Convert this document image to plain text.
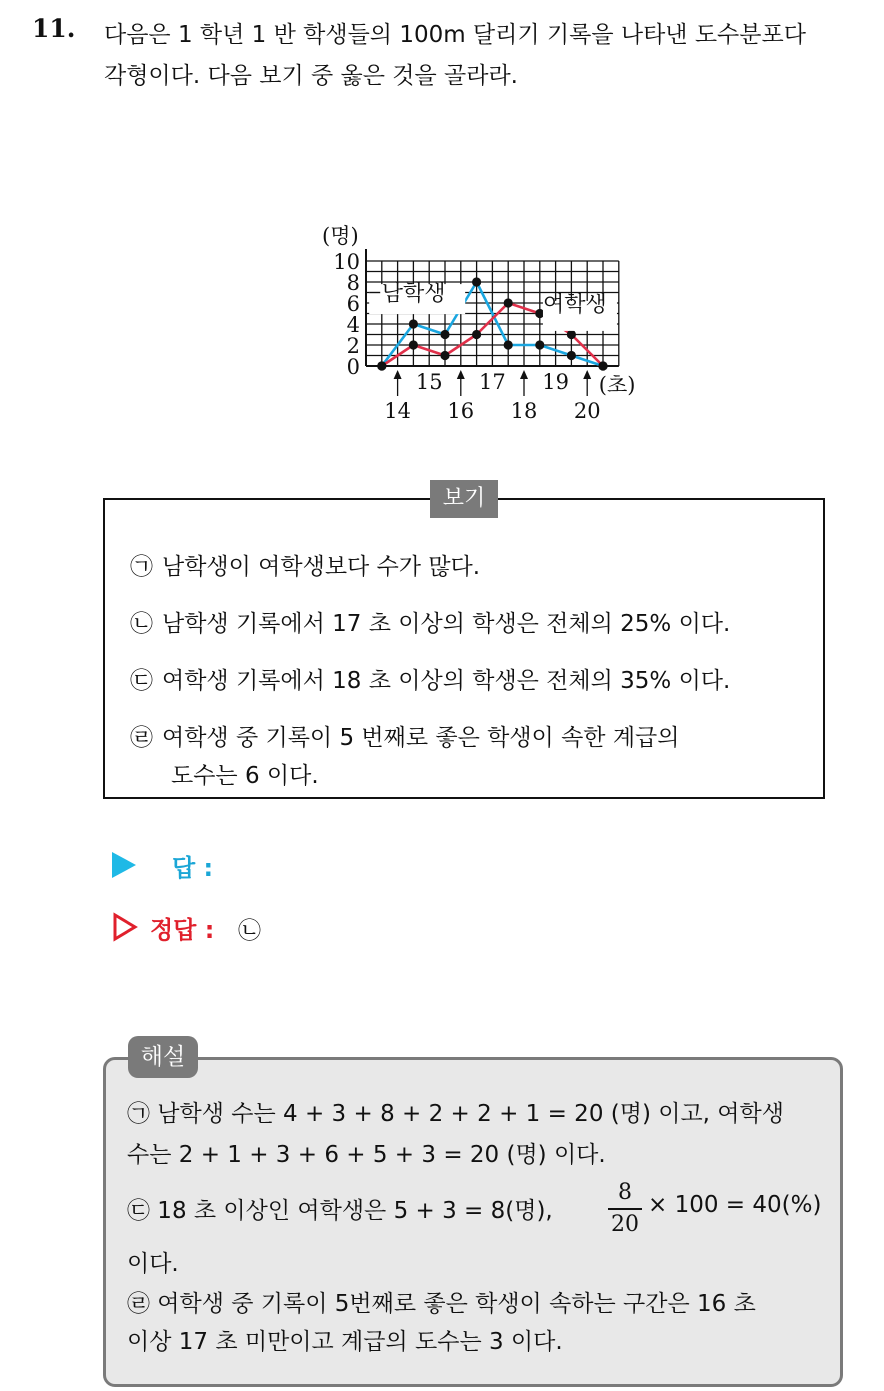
11. 다음은 1 학년 1 반 학생들의 100m 달리기 기록을 나타낸 도수분포다
각형이다. 다음 보기 중 옳은 것을 골라라.
0
2
4
6
8
10
14 16 18 20
15 17 19
(명)
(초)
남학생	여학생
보기
㉠ 남학생이 여학생보다 수가 많다.
㉡ 남학생 기록에서 17 초 이상의 학생은 전체의 25% 이다.
㉢ 여학생 기록에서 18 초 이상의 학생은 전체의 35% 이다.
㉣ 여학생 중 기록이 5 번째로 좋은 학생이 속한 계급의
도수는 6 이다.
답 :
정답 : ㉡
해설
㉠ 남학생 수는 4 + 3 + 8 + 2 + 2 + 1 = 20 (명) 이고, 여학생
수는 2 + 1 + 3 + 6 + 5 + 3 = 20 (명) 이다.
㉢ 18 초 이상인 여학생은 5 + 3 = 8(명),
8
20
× 100 = 40(%)
이다.
㉣ 여학생 중 기록이 5번째로 좋은 학생이 속하는 구간은 16 초
이상 17 초 미만이고 계급의 도수는 3 이다.
